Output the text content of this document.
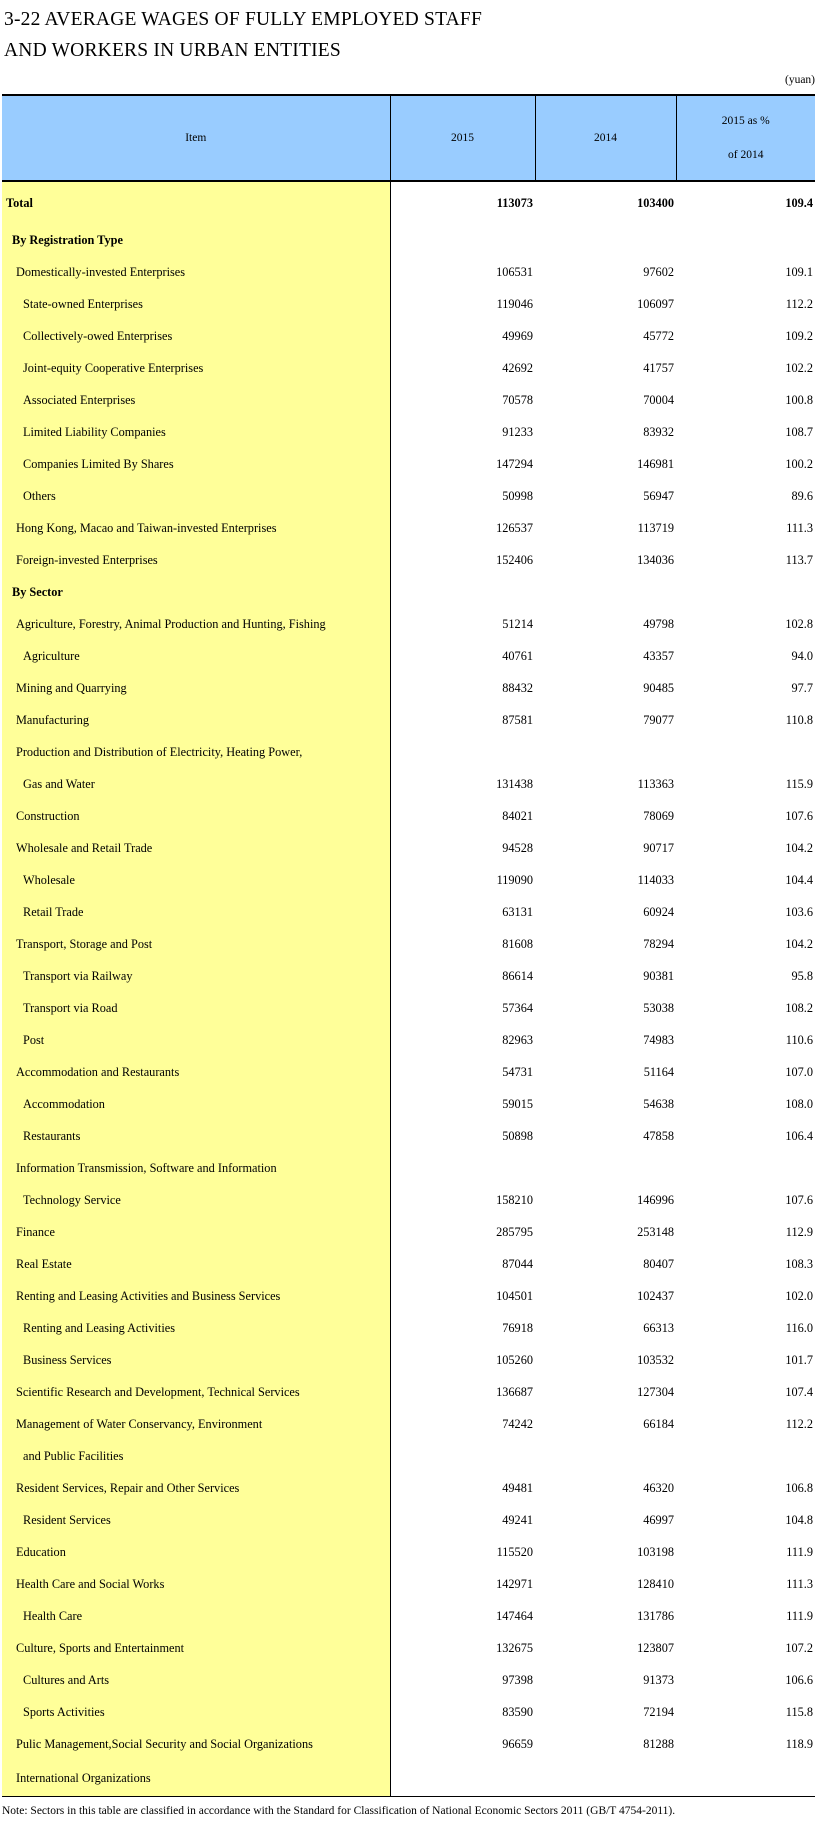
3-22 AVERAGE WAGES OF FULLY EMPLOYED STAFF
AND WORKERS IN URBAN ENTITIES
(yuan)
Item	2015	2014	2015 as %
of 2014
Total	113073	103400	109.4
By Registration Type			
Domestically-invested Enterprises	106531	97602	109.1
State-owned Enterprises	119046	106097	112.2
Collectively-owed Enterprises	49969	45772	109.2
Joint-equity Cooperative Enterprises	42692	41757	102.2
Associated Enterprises	70578	70004	100.8
Limited Liability Companies	91233	83932	108.7
Companies Limited By Shares	147294	146981	100.2
Others	50998	56947	89.6
Hong Kong, Macao and Taiwan-invested Enterprises	126537	113719	111.3
Foreign-invested Enterprises	152406	134036	113.7
By Sector			
Agriculture, Forestry, Animal Production and Hunting, Fishing	51214	49798	102.8
Agriculture	40761	43357	94.0
Mining and Quarrying	88432	90485	97.7
Manufacturing	87581	79077	110.8
Production and Distribution of Electricity, Heating Power,			
Gas and Water	131438	113363	115.9
Construction	84021	78069	107.6
Wholesale and Retail Trade	94528	90717	104.2
Wholesale	119090	114033	104.4
Retail Trade	63131	60924	103.6
Transport, Storage and Post	81608	78294	104.2
Transport via Railway	86614	90381	95.8
Transport via Road	57364	53038	108.2
Post	82963	74983	110.6
Accommodation and Restaurants	54731	51164	107.0
Accommodation	59015	54638	108.0
Restaurants	50898	47858	106.4
Information Transmission, Software and Information			
Technology Service	158210	146996	107.6
Finance	285795	253148	112.9
Real Estate	87044	80407	108.3
Renting and Leasing Activities and Business Services	104501	102437	102.0
Renting and Leasing Activities	76918	66313	116.0
Business Services	105260	103532	101.7
Scientific Research and Development, Technical Services	136687	127304	107.4
Management of Water Conservancy, Environment	74242	66184	112.2
and Public Facilities			
Resident Services, Repair and Other Services	49481	46320	106.8
Resident Services	49241	46997	104.8
Education	115520	103198	111.9
Health Care and Social Works	142971	128410	111.3
Health Care	147464	131786	111.9
Culture, Sports and Entertainment	132675	123807	107.2
Cultures and Arts	97398	91373	106.6
Sports Activities	83590	72194	115.8
Pulic Management,Social Security and Social Organizations	96659	81288	118.9
International Organizations			
Note: Sectors in this table are classified in accordance with the Standard for Classification of National Economic Sectors 2011 (GB/T 4754-2011).
